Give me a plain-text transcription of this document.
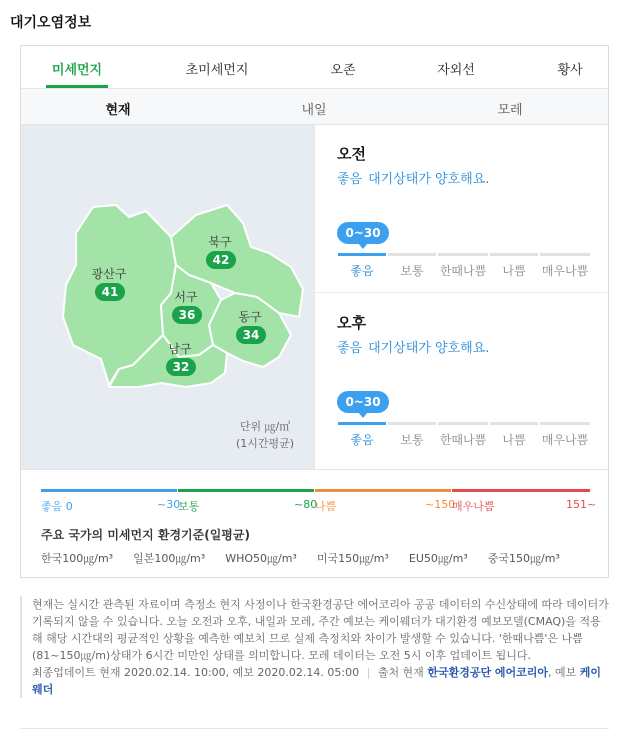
대기오염정보
미세먼지	초미세먼지	오존	자외선	황사
현재	내일	모레
북구
42
광산구
41	서구
36	동구
34
남구
32
단위 ㎍/㎥
(1시간평균)
오전
좋음 대기상태가 양호해요.
0~30
좋음	보통	한때나쁨	나쁨	매우나쁨
오후
좋음 대기상태가 양호해요.
0~30
좋음	보통	한때나쁨	나쁨	매우나쁨
좋음 0	~30
보통	~80
나쁨	~150
매우나쁨	151~
주요 국가의 미세먼지 환경기준(일평균)
한국100㎍/m³ 일본100㎍/m³ WHO50㎍/m³ 미국150㎍/m³ EU50㎍/m³ 중국150㎍/m³

현재는 실시간 관측된 자료이며 측정소 현지 사정이나 한국환경공단 에어코리아 공공 데이터의 수신상태에 따라 데이터가 기록되지 않을 수 있습니다. 오늘 오전과 오후, 내일과 모레, 주간 예보는 케이웨더가 대기환경 예보모델(CMAQ)을 적용해 해당 시간대의 평균적인 상황을 예측한 예보치 므로 실제 측정치와 차이가 발생할 수 있습니다. '한때나쁨'은 나쁨(81~150㎍/m)상태가 6시간 미만인 상태를 의미합니다. 모레 데이터는 오전 5시 이후 업데이트 됩니다.

최종업데이트 현재 2020.02.14. 10:00, 예보 2020.02.14. 05:00 | 출처 현재 한국환경공단 에어코리아, 예보 케이웨더
